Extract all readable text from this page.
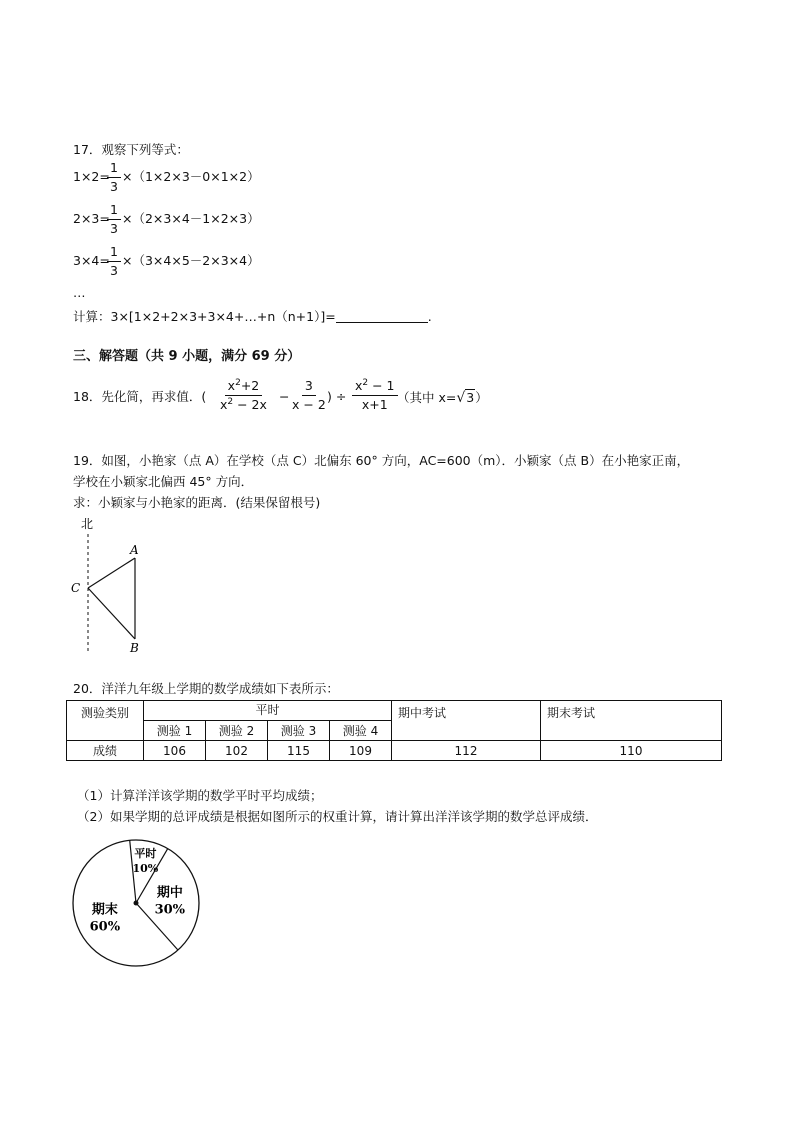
17．观察下列等式：
1×2=
$\frac{1}{3} \times(1\times 2\times 3-0\times 1\times 2)$
2×3=
$\frac{1}{3} \times(2\times 3\times 4-1\times 2\times 3)$
3×4=
$\frac{1}{3} \times(3\times 4\times 5-2\times 3\times 4)$
…
计算：3×[1×2+2×3+3×4+…+n（n+1）]=	.
三、解答题（共 9 小题，满分 69 分）
18．先化简，再求值．( $\frac{x^2+2}{x^2 - 2x} - \frac{3}{x - 2}$ ) ÷ $\frac{x^2 - 1}{x+1}$ （其中 x=√3）
19．如图，小艳家（点 A）在学校（点 C）北偏东 60° 方向，AC=600（m）．小颖家（点 B）在小艳家正南，
学校在小颖家北偏西 45° 方向．
求：小颖家与小艳家的距离．(结果保留根号)
北
A
B
C
20．洋洋九年级上学期的数学成绩如下表所示：
测验类别	平时				期中考试	期末考试
	测验 1	测验 2	测验 3	测验 4		
成绩	106	102	115	109	112	110
（1）计算洋洋该学期的数学平时平均成绩；
（2）如果学期的总评成绩是根据如图所示的权重计算，请计算出洋洋该学期的数学总评成绩．
平时
10%
期中
30%
期末
60%
